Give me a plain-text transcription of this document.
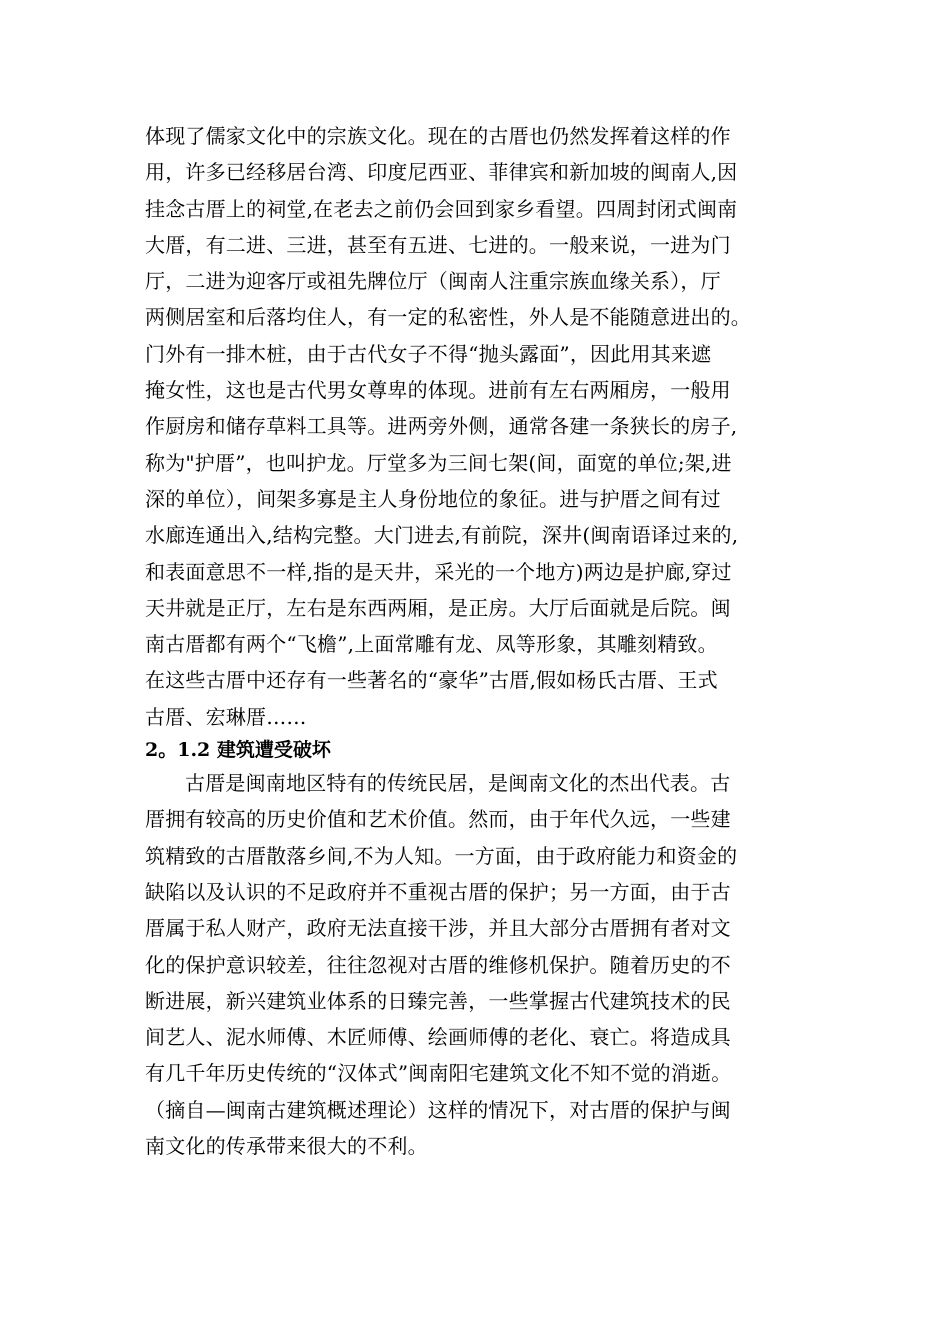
体现了儒家文化中的宗族文化。现在的古厝也仍然发挥着这样的作
用，许多已经移居台湾、印度尼西亚、菲律宾和新加坡的闽南人,因
挂念古厝上的祠堂,在老去之前仍会回到家乡看望。四周封闭式闽南
大厝，有二进、三进，甚至有五进、七进的。一般来说，一进为门
厅，二进为迎客厅或祖先牌位厅（闽南人注重宗族血缘关系），厅
两侧居室和后落均住人，有一定的私密性，外人是不能随意进出的。
门外有一排木桩，由于古代女子不得“抛头露面”，因此用其来遮
掩女性，这也是古代男女尊卑的体现。进前有左右两厢房，一般用
作厨房和储存草料工具等。进两旁外侧，通常各建一条狭长的房子,
称为"护厝”，也叫护龙。厅堂多为三间七架(间，面宽的单位;架,进
深的单位），间架多寡是主人身份地位的象征。进与护厝之间有过
水廊连通出入,结构完整。大门进去,有前院，深井(闽南语译过来的,
和表面意思不一样,指的是天井，采光的一个地方)两边是护廊,穿过
天井就是正厅，左右是东西两厢，是正房。大厅后面就是后院。闽
南古厝都有两个“飞檐”,上面常雕有龙、凤等形象，其雕刻精致。
在这些古厝中还存有一些著名的“豪华”古厝,假如杨氏古厝、王式
古厝、宏琳厝……
2。1.2 建筑遭受破坏
古厝是闽南地区特有的传统民居，是闽南文化的杰出代表。古
厝拥有较高的历史价值和艺术价值。然而，由于年代久远，一些建
筑精致的古厝散落乡间,不为人知。一方面，由于政府能力和资金的
缺陷以及认识的不足政府并不重视古厝的保护；另一方面，由于古
厝属于私人财产，政府无法直接干涉，并且大部分古厝拥有者对文
化的保护意识较差，往往忽视对古厝的维修机保护。随着历史的不
断进展，新兴建筑业体系的日臻完善，一些掌握古代建筑技术的民
间艺人、泥水师傅、木匠师傅、绘画师傅的老化、衰亡。将造成具
有几千年历史传统的“汉体式”闽南阳宅建筑文化不知不觉的消逝。
（摘自—闽南古建筑概述理论）这样的情况下，对古厝的保护与闽
南文化的传承带来很大的不利。
